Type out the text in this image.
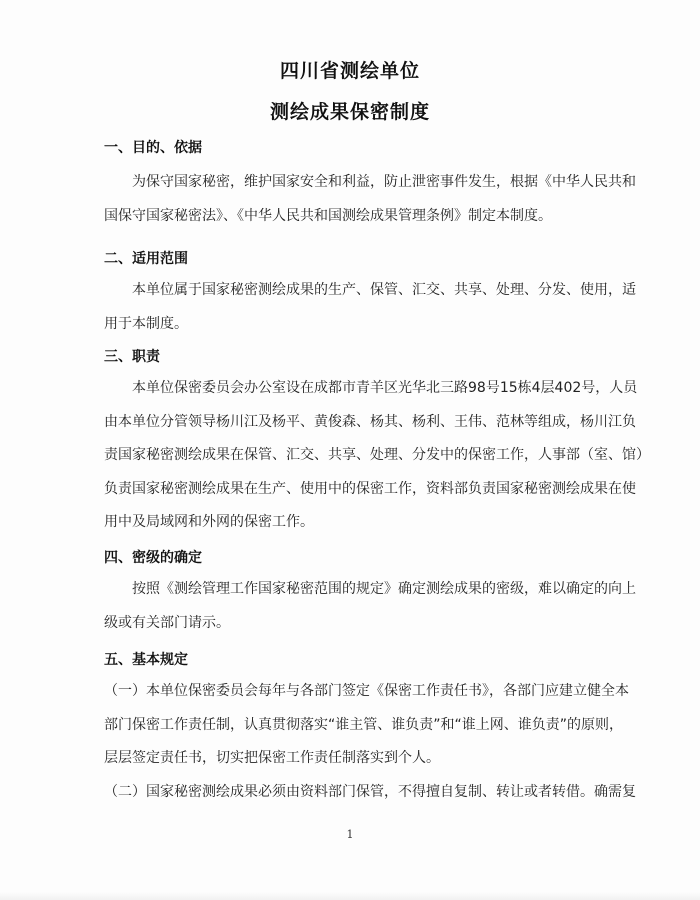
四川省测绘单位
测绘成果保密制度
一、目的、依据
为保守国家秘密，维护国家安全和利益，防止泄密事件发生，根据《中华人民共和
国保守国家秘密法》、《中华人民共和国测绘成果管理条例》制定本制度。
二、适用范围
本单位属于国家秘密测绘成果的生产、保管、汇交、共享、处理、分发、使用，适
用于本制度。
三、职责
本单位保密委员会办公室设在成都市青羊区光华北三路98号15栋4层402号，人员
由本单位分管领导杨川江及杨平、黄俊森、杨其、杨利、王伟、范林等组成，杨川江负
责国家秘密测绘成果在保管、汇交、共享、处理、分发中的保密工作，人事部（室、馆）
负责国家秘密测绘成果在生产、使用中的保密工作，资料部负责国家秘密测绘成果在使
用中及局域网和外网的保密工作。
四、密级的确定
按照《测绘管理工作国家秘密范围的规定》确定测绘成果的密级，难以确定的向上
级或有关部门请示。
五、基本规定
（一）本单位保密委员会每年与各部门签定《保密工作责任书》，各部门应建立健全本
部门保密工作责任制，认真贯彻落实“谁主管、谁负责”和“谁上网、谁负责”的原则，
层层签定责任书，切实把保密工作责任制落实到个人。
（二）国家秘密测绘成果必须由资料部门保管，不得擅自复制、转让或者转借。确需复
1
